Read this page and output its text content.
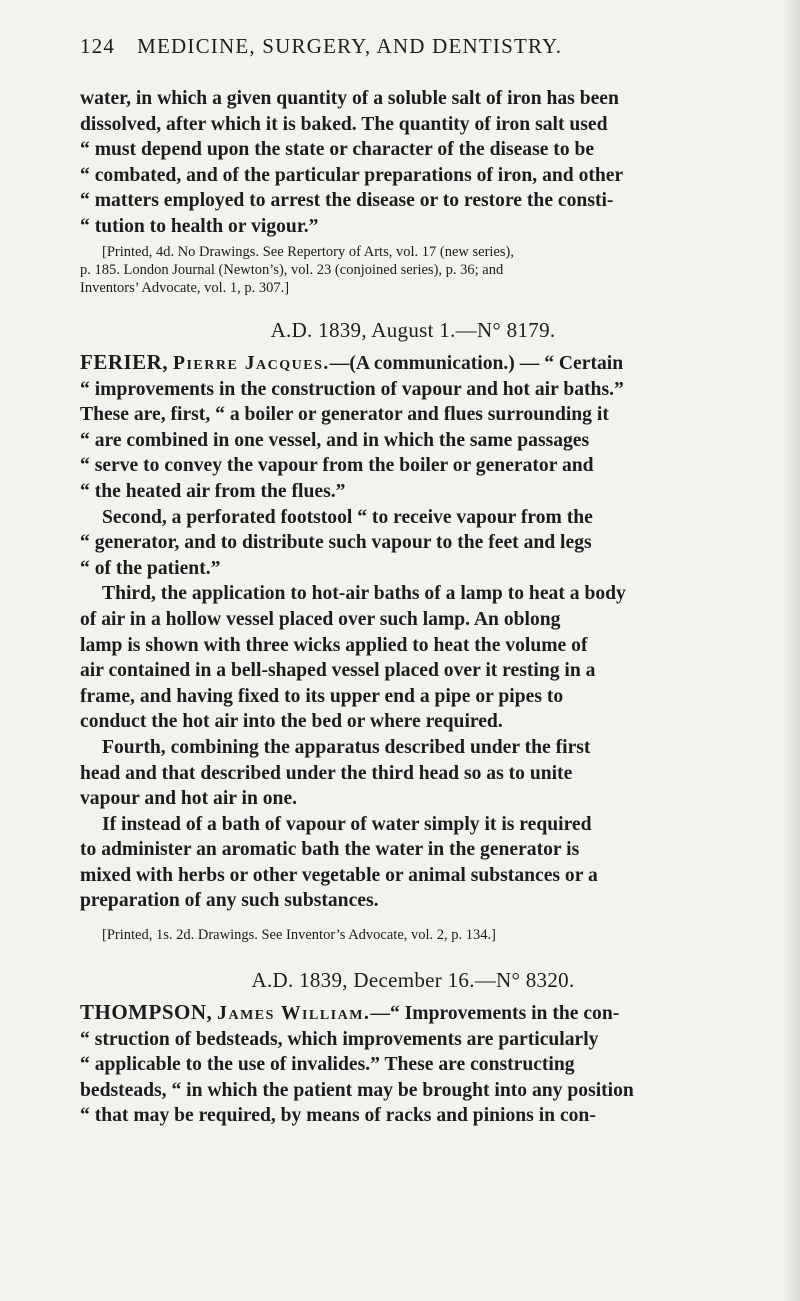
124 MEDICINE, SURGERY, AND DENTISTRY.
water, in which a given quantity of a soluble salt of iron has been
dissolved, after which it is baked. The quantity of iron salt used
“ must depend upon the state or character of the disease to be
“ combated, and of the particular preparations of iron, and other
“ matters employed to arrest the disease or to restore the consti-
“ tution to health or vigour.”
[Printed, 4d. No Drawings. See Repertory of Arts, vol. 17 (new series),
p. 185. London Journal (Newton’s), vol. 23 (conjoined series), p. 36; and
Inventors’ Advocate, vol. 1, p. 307.]
A.D. 1839, August 1.—N° 8179.
FERIER, Pierre Jacques.—(A communication.) — “ Certain
“ improvements in the construction of vapour and hot air baths.”
These are, first, “ a boiler or generator and flues surrounding it
“ are combined in one vessel, and in which the same passages
“ serve to convey the vapour from the boiler or generator and
“ the heated air from the flues.”
Second, a perforated footstool “ to receive vapour from the
“ generator, and to distribute such vapour to the feet and legs
“ of the patient.”
Third, the application to hot-air baths of a lamp to heat a body
of air in a hollow vessel placed over such lamp. An oblong
lamp is shown with three wicks applied to heat the volume of
air contained in a bell-shaped vessel placed over it resting in a
frame, and having fixed to its upper end a pipe or pipes to
conduct the hot air into the bed or where required.
Fourth, combining the apparatus described under the first
head and that described under the third head so as to unite
vapour and hot air in one.
If instead of a bath of vapour of water simply it is required
to administer an aromatic bath the water in the generator is
mixed with herbs or other vegetable or animal substances or a
preparation of any such substances.
[Printed, 1s. 2d. Drawings. See Inventor’s Advocate, vol. 2, p. 134.]
A.D. 1839, December 16.—N° 8320.
THOMPSON, James William.—“ Improvements in the con-
“ struction of bedsteads, which improvements are particularly
“ applicable to the use of invalides.” These are constructing
bedsteads, “ in which the patient may be brought into any position
“ that may be required, by means of racks and pinions in con-
